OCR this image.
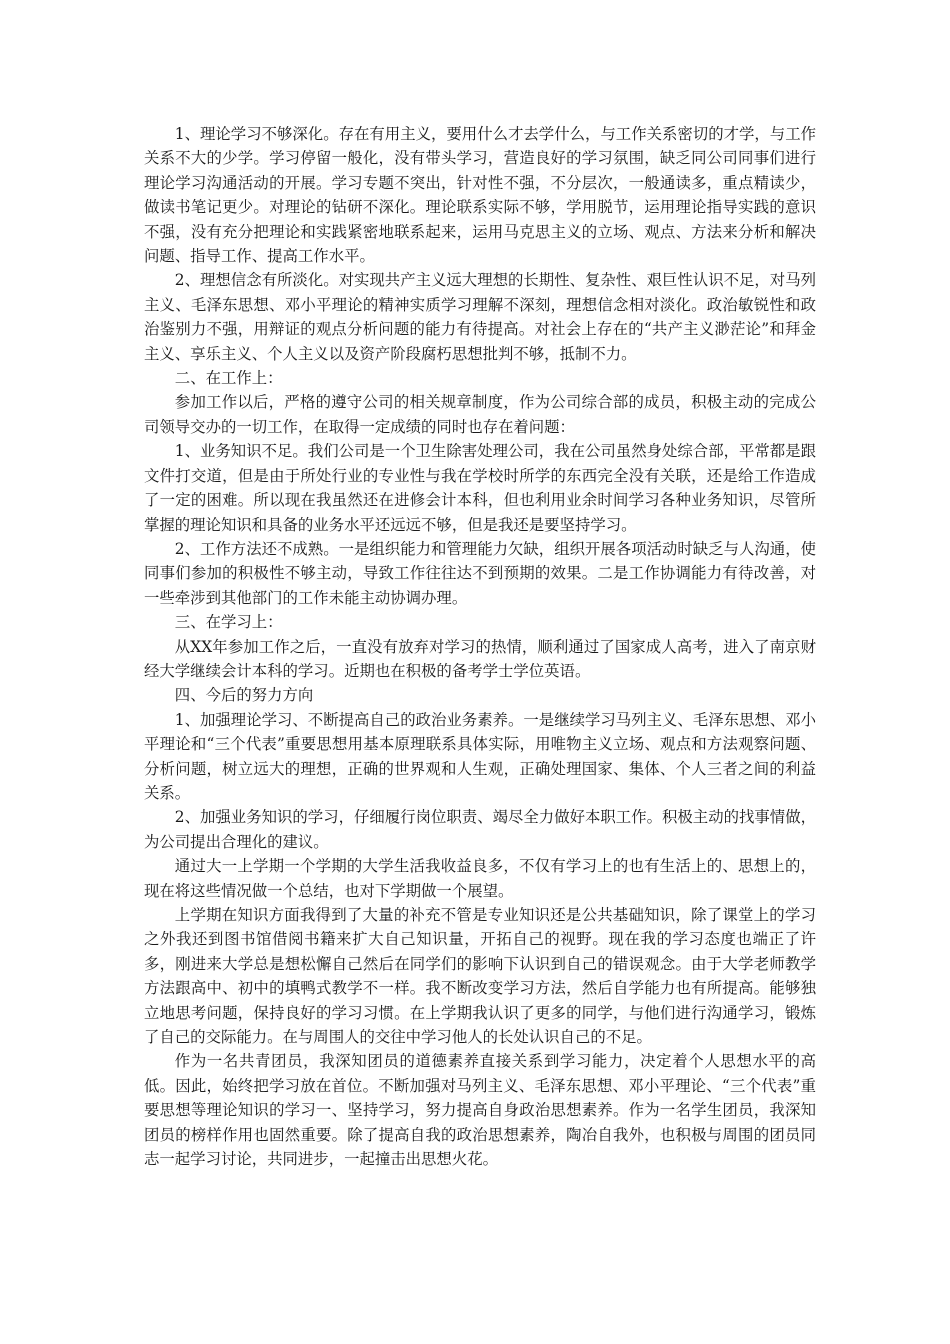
1、理论学习不够深化。存在有用主义，要用什么才去学什么，与工作关系密切的才学，与工作关系不大的少学。学习停留一般化，没有带头学习，营造良好的学习氛围，缺乏同公司同事们进行理论学习沟通活动的开展。学习专题不突出，针对性不强，不分层次，一般通读多，重点精读少，做读书笔记更少。对理论的钻研不深化。理论联系实际不够，学用脱节，运用理论指导实践的意识不强，没有充分把理论和实践紧密地联系起来，运用马克思主义的立场、观点、方法来分析和解决问题、指导工作、提高工作水平。

2、理想信念有所淡化。对实现共产主义远大理想的长期性、复杂性、艰巨性认识不足，对马列主义、毛泽东思想、邓小平理论的精神实质学习理解不深刻，理想信念相对淡化。政治敏锐性和政治鉴别力不强，用辩证的观点分析问题的能力有待提高。对社会上存在的“共产主义渺茫论”和拜金主义、享乐主义、个人主义以及资产阶段腐朽思想批判不够，抵制不力。

二、在工作上：

参加工作以后，严格的遵守公司的相关规章制度，作为公司综合部的成员，积极主动的完成公司领导交办的一切工作，在取得一定成绩的同时也存在着问题：

1、业务知识不足。我们公司是一个卫生除害处理公司，我在公司虽然身处综合部，平常都是跟文件打交道，但是由于所处行业的专业性与我在学校时所学的东西完全没有关联，还是给工作造成了一定的困难。所以现在我虽然还在进修会计本科，但也利用业余时间学习各种业务知识，尽管所掌握的理论知识和具备的业务水平还远远不够，但是我还是要坚持学习。

2、工作方法还不成熟。一是组织能力和管理能力欠缺，组织开展各项活动时缺乏与人沟通，使同事们参加的积极性不够主动，导致工作往往达不到预期的效果。二是工作协调能力有待改善，对一些牵涉到其他部门的工作未能主动协调办理。

三、在学习上：

从XX年参加工作之后，一直没有放弃对学习的热情，顺利通过了国家成人高考，进入了南京财经大学继续会计本科的学习。近期也在积极的备考学士学位英语。

四、今后的努力方向

1、加强理论学习、不断提高自己的政治业务素养。一是继续学习马列主义、毛泽东思想、邓小平理论和“三个代表”重要思想用基本原理联系具体实际，用唯物主义立场、观点和方法观察问题、分析问题，树立远大的理想，正确的世界观和人生观，正确处理国家、集体、个人三者之间的利益关系。

2、加强业务知识的学习，仔细履行岗位职责、竭尽全力做好本职工作。积极主动的找事情做，为公司提出合理化的建议。

通过大一上学期一个学期的大学生活我收益良多，不仅有学习上的也有生活上的、思想上的，现在将这些情况做一个总结，也对下学期做一个展望。

上学期在知识方面我得到了大量的补充不管是专业知识还是公共基础知识，除了课堂上的学习之外我还到图书馆借阅书籍来扩大自己知识量，开拓自己的视野。现在我的学习态度也端正了许多，刚进来大学总是想松懈自己然后在同学们的影响下认识到自己的错误观念。由于大学老师教学方法跟高中、初中的填鸭式教学不一样。我不断改变学习方法，然后自学能力也有所提高。能够独立地思考问题，保持良好的学习习惯。在上学期我认识了更多的同学，与他们进行沟通学习，锻炼了自己的交际能力。在与周围人的交往中学习他人的长处认识自己的不足。

作为一名共青团员，我深知团员的道德素养直接关系到学习能力，决定着个人思想水平的高低。因此，始终把学习放在首位。不断加强对马列主义、毛泽东思想、邓小平理论、“三个代表”重要思想等理论知识的学习一、坚持学习，努力提高自身政治思想素养。作为一名学生团员，我深知团员的榜样作用也固然重要。除了提高自我的政治思想素养，陶冶自我外，也积极与周围的团员同志一起学习讨论，共同进步，一起撞击出思想火花。
